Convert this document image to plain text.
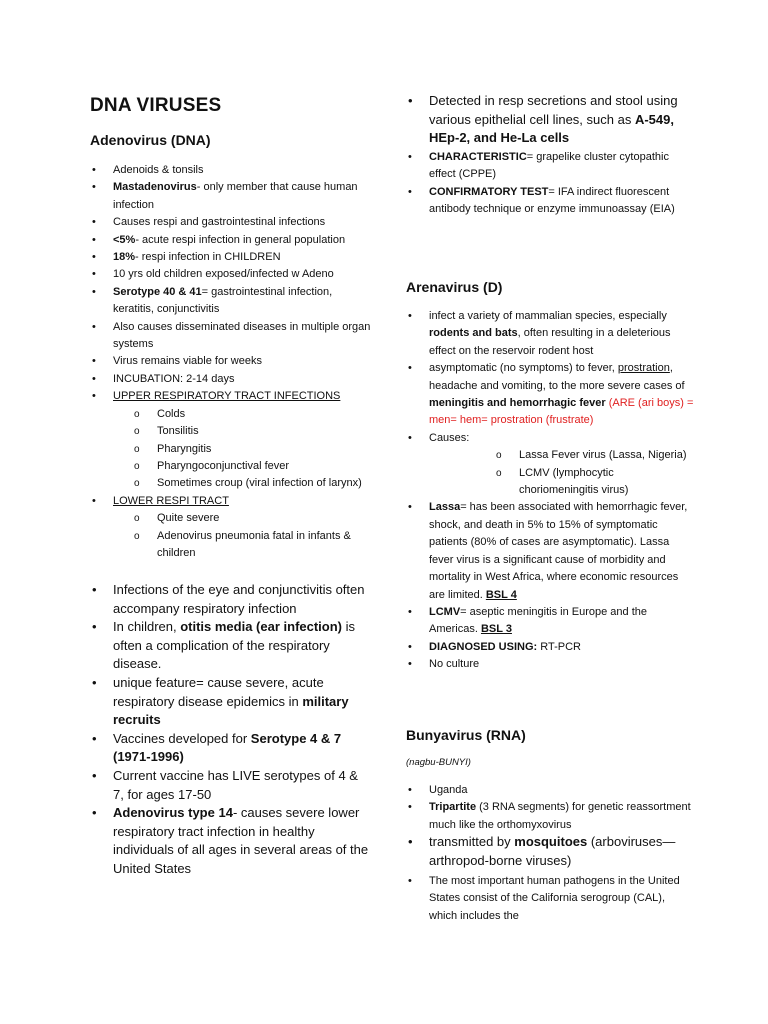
DNA VIRUSES
Adenovirus (DNA)
• Adenoids & tonsils
• Mastadenovirus- only member that cause human infection
• Causes respi and gastrointestinal infections
• <5%- acute respi infection in general population
• 18%- respi infection in CHILDREN
• 10 yrs old children exposed/infected w Adeno
• Serotype 40 & 41= gastrointestinal infection, keratitis, conjunctivitis
• Also causes disseminated diseases in multiple organ systems
• Virus remains viable for weeks
• INCUBATION: 2-14 days
• UPPER RESPIRATORY TRACT INFECTIONS
o Colds
o Tonsilitis
o Pharyngitis
o Pharyngoconjunctival fever
o Sometimes croup (viral infection of larynx)
• LOWER RESPI TRACT
o Quite severe
o Adenovirus pneumonia fatal in infants & children
• Infections of the eye and conjunctivitis often accompany respiratory infection
• In children, otitis media (ear infection) is often a complication of the respiratory disease.
• unique feature= cause severe, acute respiratory disease epidemics in military recruits
• Vaccines developed for Serotype 4 & 7 (1971-1996)
• Current vaccine has LIVE serotypes of 4 & 7, for ages 17-50
• Adenovirus type 14- causes severe lower respiratory tract infection in healthy individuals of all ages in several areas of the United States
• Detected in resp secretions and stool using various epithelial cell lines, such as A-549, HEp-2, and He-La cells
• CHARACTERISTIC= grapelike cluster cytopathic effect (CPPE)
• CONFIRMATORY TEST= IFA indirect fluorescent antibody technique or enzyme immunoassay (EIA)
Arenavirus (D)
• infect a variety of mammalian species, especially rodents and bats, often resulting in a deleterious effect on the reservoir rodent host
• asymptomatic (no symptoms) to fever, prostration, headache and vomiting, to the more severe cases of meningitis and hemorrhagic fever (ARE (ari boys) = men= hem= prostration (frustrate)
• Causes:
o Lassa Fever virus (Lassa, Nigeria)
o LCMV (lymphocytic choriomeningitis virus)
• Lassa= has been associated with hemorrhagic fever, shock, and death in 5% to 15% of symptomatic patients (80% of cases are asymptomatic). Lassa fever virus is a significant cause of morbidity and mortality in West Africa, where economic resources are limited. BSL 4
• LCMV= aseptic meningitis in Europe and the Americas. BSL 3
• DIAGNOSED USING: RT-PCR
• No culture
Bunyavirus (RNA)

(nagbu-BUNYI)

• Uganda
• Tripartite (3 RNA segments) for genetic reassortment much like the orthomyxovirus
• transmitted by mosquitoes (arboviruses—arthropod-borne viruses)
• The most important human pathogens in the United States consist of the California serogroup (CAL), which includes the
